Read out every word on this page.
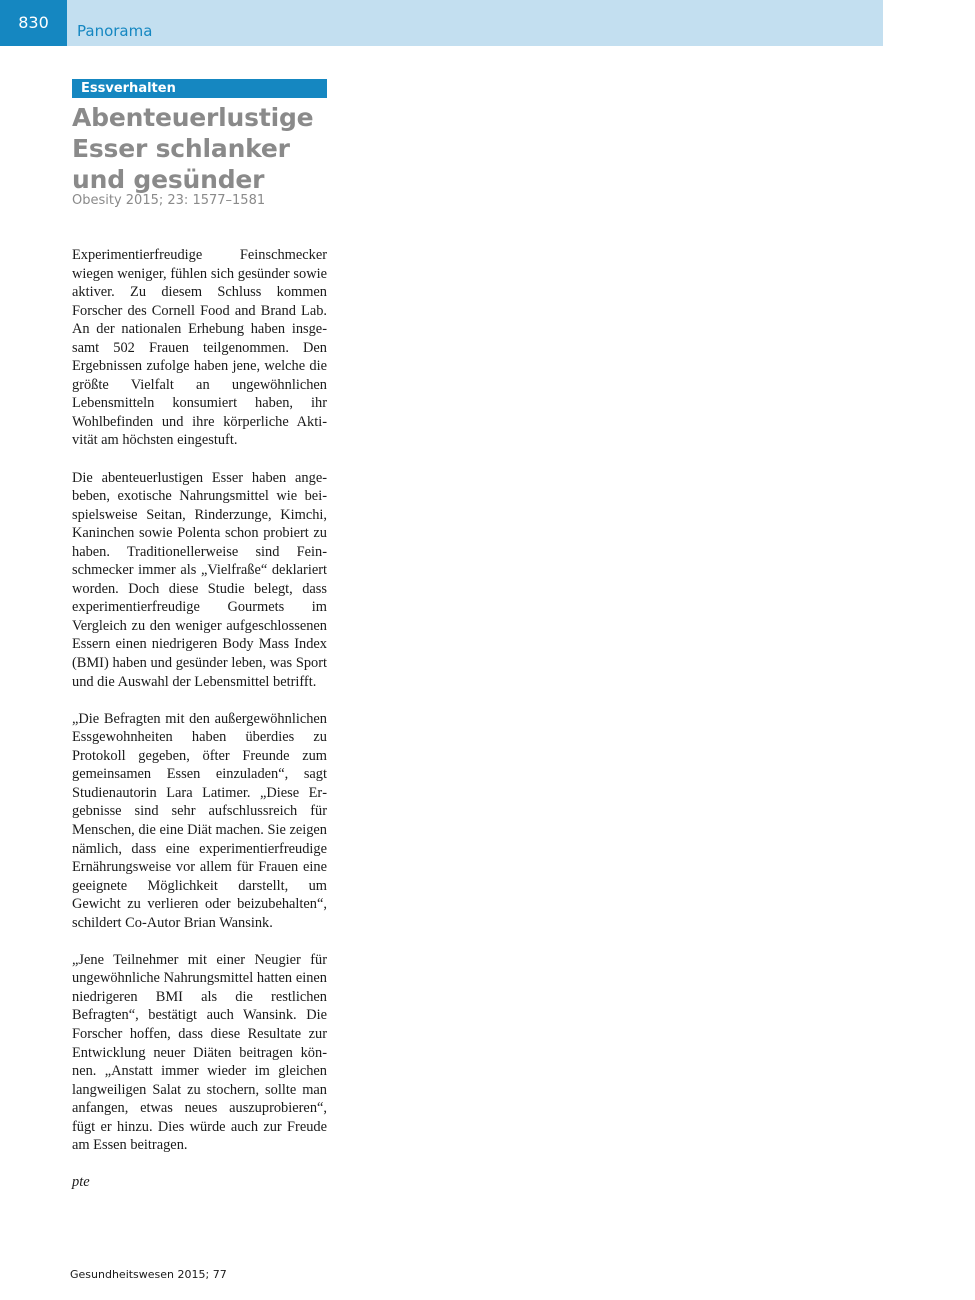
830	Panorama
Essverhalten
Abenteuerlustige Esser schlanker und gesünder
Obesity 2015; 23: 1577–1581

Experimentierfreudige Feinschmecker wiegen weniger, fühlen sich gesünder sowie aktiver. Zu diesem Schluss kommen Forscher des Cornell Food and Brand Lab. An der nationalen Erhebung haben insgesamt 502 Frauen teilgenommen. Den Ergebnissen zufolge haben jene, welche die größte Vielfalt an ungewöhnlichen Lebensmitteln konsumiert haben, ihr Wohlbefinden und ihre körperliche Aktivität am höchsten eingestuft.

Die abenteuerlustigen Esser haben angebeben, exotische Nahrungsmittel wie beispielsweise Seitan, Rinderzunge, Kimchi, Kaninchen sowie Polenta schon probiert zu haben. Traditionellerweise sind Feinschmecker immer als „Vielfraße“ deklariert worden. Doch diese Studie belegt, dass experimentierfreudige Gourmets im Vergleich zu den weniger aufgeschlossenen Essern einen niedrigeren Body Mass Index (BMI) haben und gesünder leben, was Sport und die Auswahl der Lebensmittel betrifft.

„Die Befragten mit den außergewöhnlichen Essgewohnheiten haben überdies zu Protokoll gegeben, öfter Freunde zum gemeinsamen Essen einzuladen“, sagt Studienautorin Lara Latimer. „Diese Ergebnisse sind sehr aufschlussreich für Menschen, die eine Diät machen. Sie zeigen nämlich, dass eine experimentierfreudige Ernährungsweise vor allem für Frauen eine geeignete Möglichkeit darstellt, um Gewicht zu verlieren oder beizubehalten“, schildert Co-Autor Brian Wansink.

„Jene Teilnehmer mit einer Neugier für ungewöhnliche Nahrungsmittel hatten einen niedrigeren BMI als die restlichen Befragten“, bestätigt auch Wansink. Die Forscher hoffen, dass diese Resultate zur Entwicklung neuer Diäten beitragen können. „Anstatt immer wieder im gleichen langweiligen Salat zu stochern, sollte man anfangen, etwas neues auszuprobieren“, fügt er hinzu. Dies würde auch zur Freude am Essen beitragen.

pte

Gesundheitswesen 2015; 77
